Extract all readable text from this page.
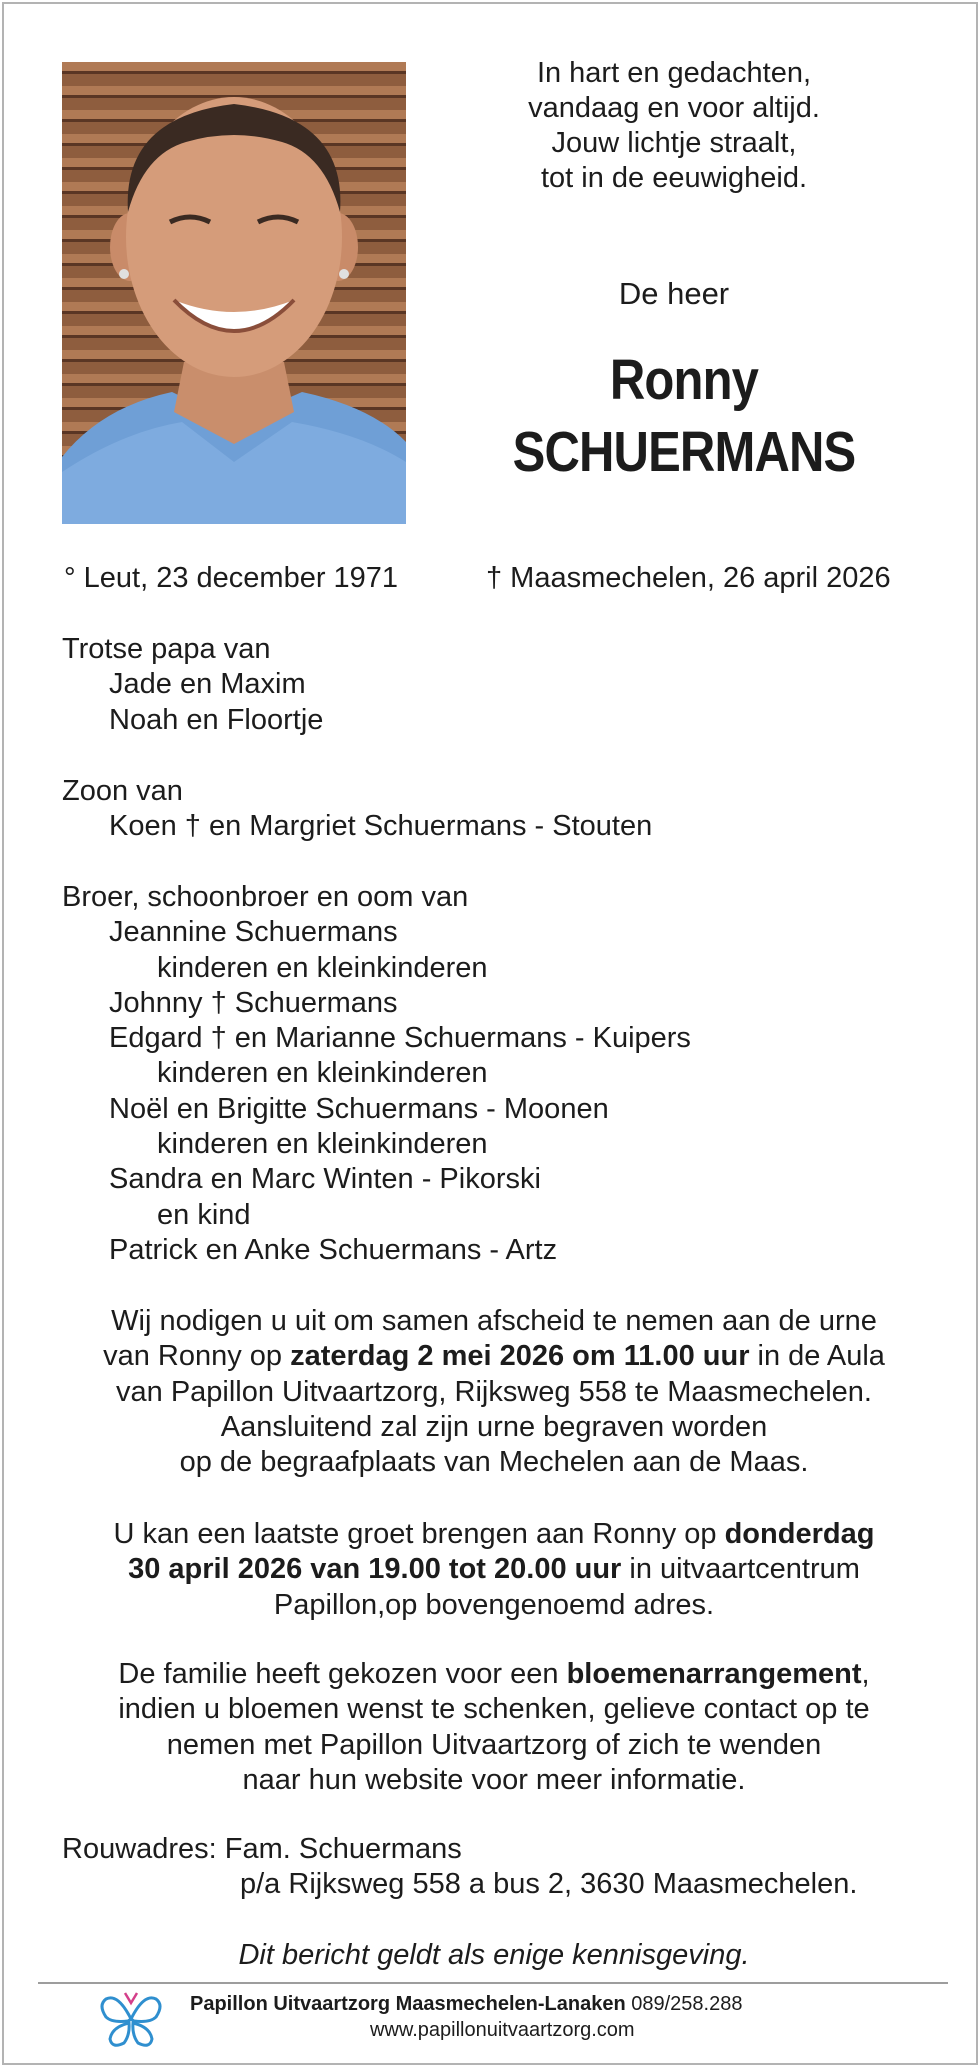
In hart en gedachten,
vandaag en voor altijd.
Jouw lichtje straalt,
tot in de eeuwigheid.
De heer
Ronny
SCHUERMANS
° Leut, 23 december 1971	† Maasmechelen, 26 april 2026
Trotse papa van
Jade en Maxim
Noah en Floortje
Zoon van
Koen † en Margriet Schuermans - Stouten
Broer, schoonbroer en oom van
Jeannine Schuermans
kinderen en kleinkinderen
Johnny † Schuermans
Edgard † en Marianne Schuermans - Kuipers
kinderen en kleinkinderen
Noël en Brigitte Schuermans - Moonen
kinderen en kleinkinderen
Sandra en Marc Winten - Pikorski
en kind
Patrick en Anke Schuermans - Artz
Wij nodigen u uit om samen afscheid te nemen aan de urne
van Ronny op zaterdag 2 mei 2026 om 11.00 uur in de Aula
van Papillon Uitvaartzorg, Rijksweg 558 te Maasmechelen.
Aansluitend zal zijn urne begraven worden
op de begraafplaats van Mechelen aan de Maas.
U kan een laatste groet brengen aan Ronny op donderdag
30 april 2026 van 19.00 tot 20.00 uur in uitvaartcentrum
Papillon,op bovengenoemd adres.
De familie heeft gekozen voor een bloemenarrangement,
indien u bloemen wenst te schenken, gelieve contact op te
nemen met Papillon Uitvaartzorg of zich te wenden
naar hun website voor meer informatie.
Rouwadres: Fam. Schuermans
p/a Rijksweg 558 a bus 2, 3630 Maasmechelen.
Dit bericht geldt als enige kennisgeving.
Papillon Uitvaartzorg Maasmechelen-Lanaken 089/258.288
www.papillonuitvaartzorg.com
